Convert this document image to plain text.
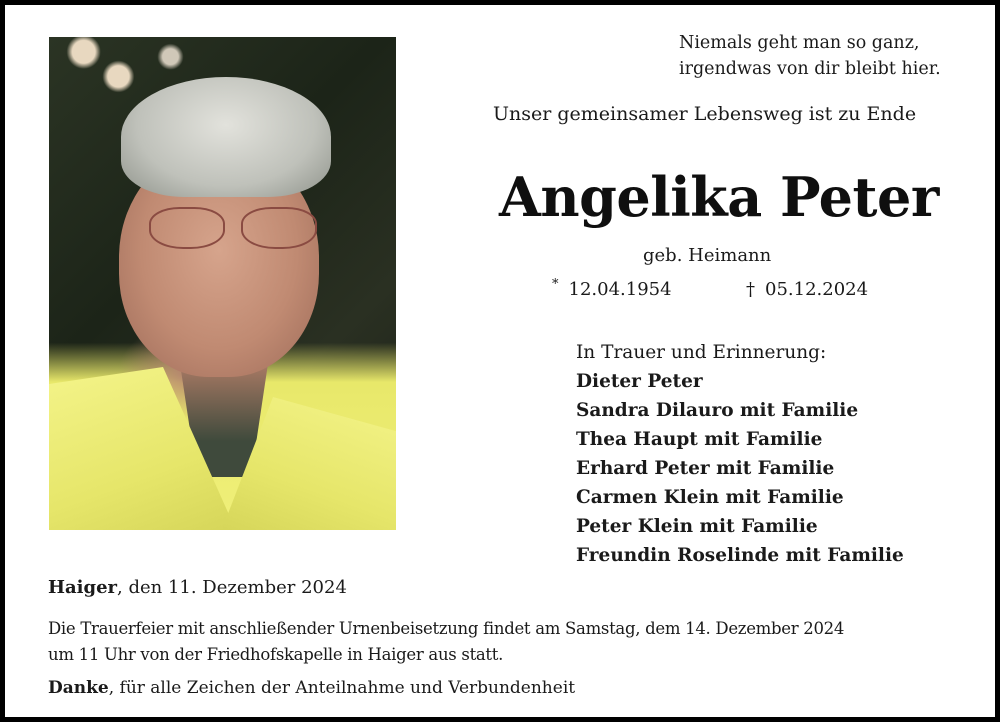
Niemals geht man so ganz,
irgendwas von dir bleibt hier.
Unser gemeinsamer Lebensweg ist zu Ende
Angelika Peter
geb. Heimann
* 12.04.1954	† 05.12.2024
In Trauer und Erinnerung:
Dieter Peter
Sandra Dilauro mit Familie
Thea Haupt mit Familie
Erhard Peter mit Familie
Carmen Klein mit Familie
Peter Klein mit Familie
Freundin Roselinde mit Familie
Haiger, den 11. Dezember 2024
Die Trauerfeier mit anschließender Urnenbeisetzung findet am Samstag, dem 14. Dezember 2024
um 11 Uhr von der Friedhofskapelle in Haiger aus statt.
Danke, für alle Zeichen der Anteilnahme und Verbundenheit
